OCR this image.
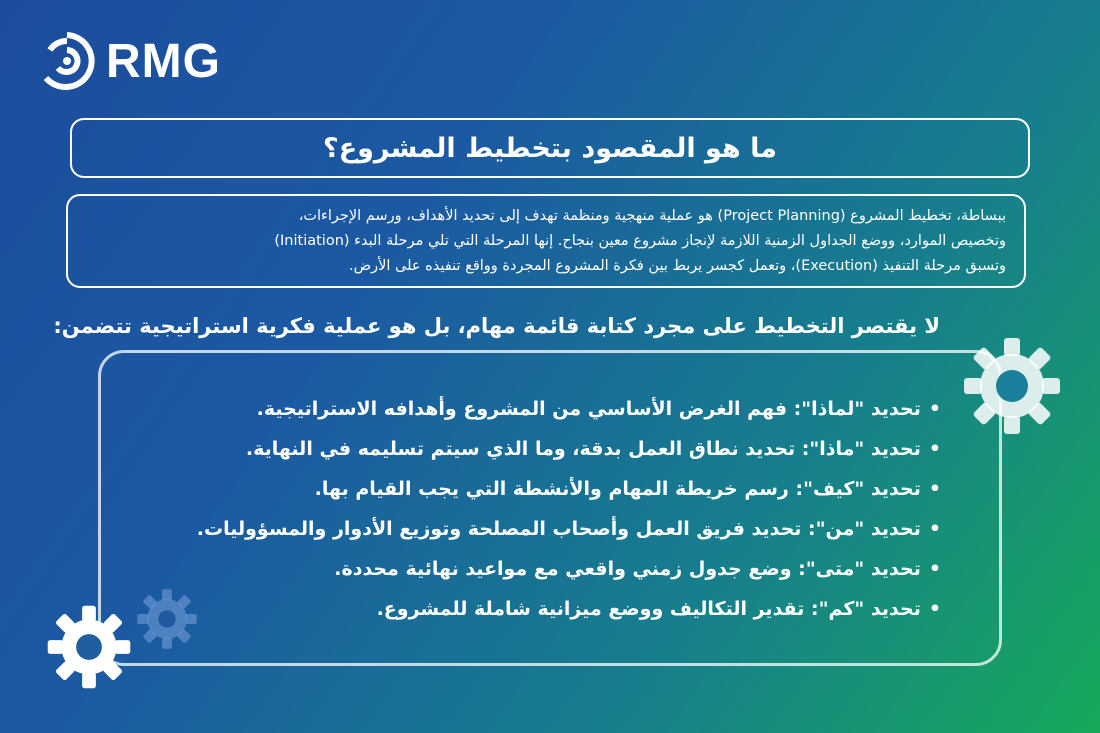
RMG
ما هو المقصود بتخطيط المشروع؟
ببساطة، تخطيط المشروع (Project Planning) هو عملية منهجية ومنظمة تهدف إلى تحديد الأهداف، ورسم الإجراءات،
وتخصيص الموارد، ووضع الجداول الزمنية اللازمة لإنجاز مشروع معين بنجاح. إنها المرحلة التي تلي مرحلة البدء (Initiation)
وتسبق مرحلة التنفيذ (Execution)، وتعمل كجسر يربط بين فكرة المشروع المجردة وواقع تنفيذه على الأرض.
لا يقتصر التخطيط على مجرد كتابة قائمة مهام، بل هو عملية فكرية استراتيجية تتضمن:
•تحديد "لماذا": فهم الغرض الأساسي من المشروع وأهدافه الاستراتيجية.
•تحديد "ماذا": تحديد نطاق العمل بدقة، وما الذي سيتم تسليمه في النهاية.
•تحديد "كيف": رسم خريطة المهام والأنشطة التي يجب القيام بها.
•تحديد "من": تحديد فريق العمل وأصحاب المصلحة وتوزيع الأدوار والمسؤوليات.
•تحديد "متى": وضع جدول زمني واقعي مع مواعيد نهائية محددة.
•تحديد "كم": تقدير التكاليف ووضع ميزانية شاملة للمشروع.
